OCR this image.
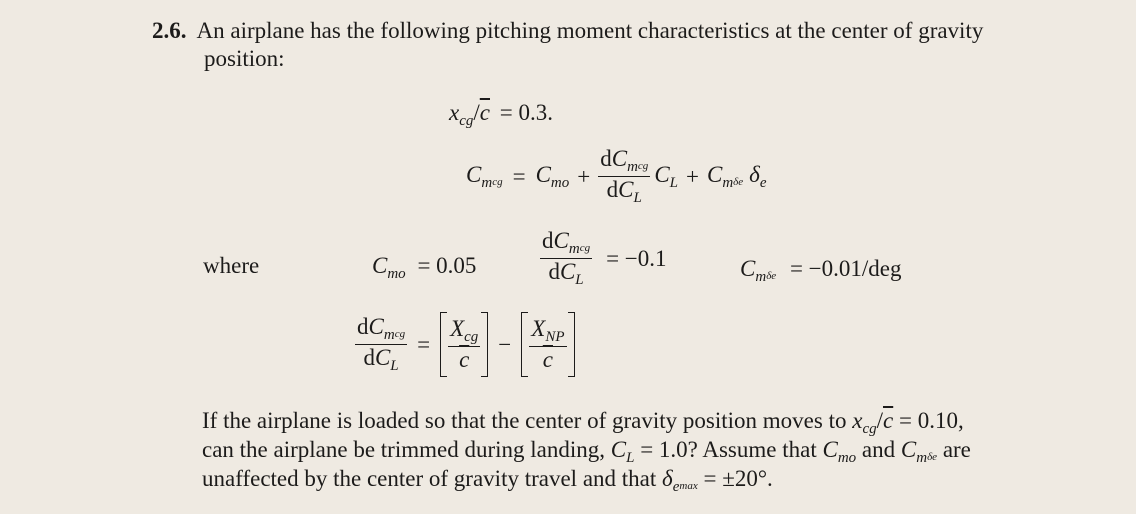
2.6. An airplane has the following pitching moment characteristics at the center of gravity
position:
$x_{cg}/\overline{c} = 0.3$.
$C_mcg = C_{mo} + \frac{dC_mcg}{dC_L} C_L + C_m\delta e$ $\delta_e$
where	$C_{mo} = 0.05$	$\frac{dC_mcg}{dC_L} = -0.1$	$C_m\delta e = -0.01/deg$
$\frac{dC_mcg}{dC_L} = \frac{X_{cg}}{c} - \frac{X_{NP}}{c}$
If the airplane is loaded so that the center of gravity position moves to $x_{cg}/\overline{c} = 0.10$,
can the airplane be trimmed during landing, $C_L = 1.0$? Assume that $C_{mo}$ and $C_m\delta e$ are
unaffected by the center of gravity travel and that $\delta_e\max = \pm 20^\circ$.
